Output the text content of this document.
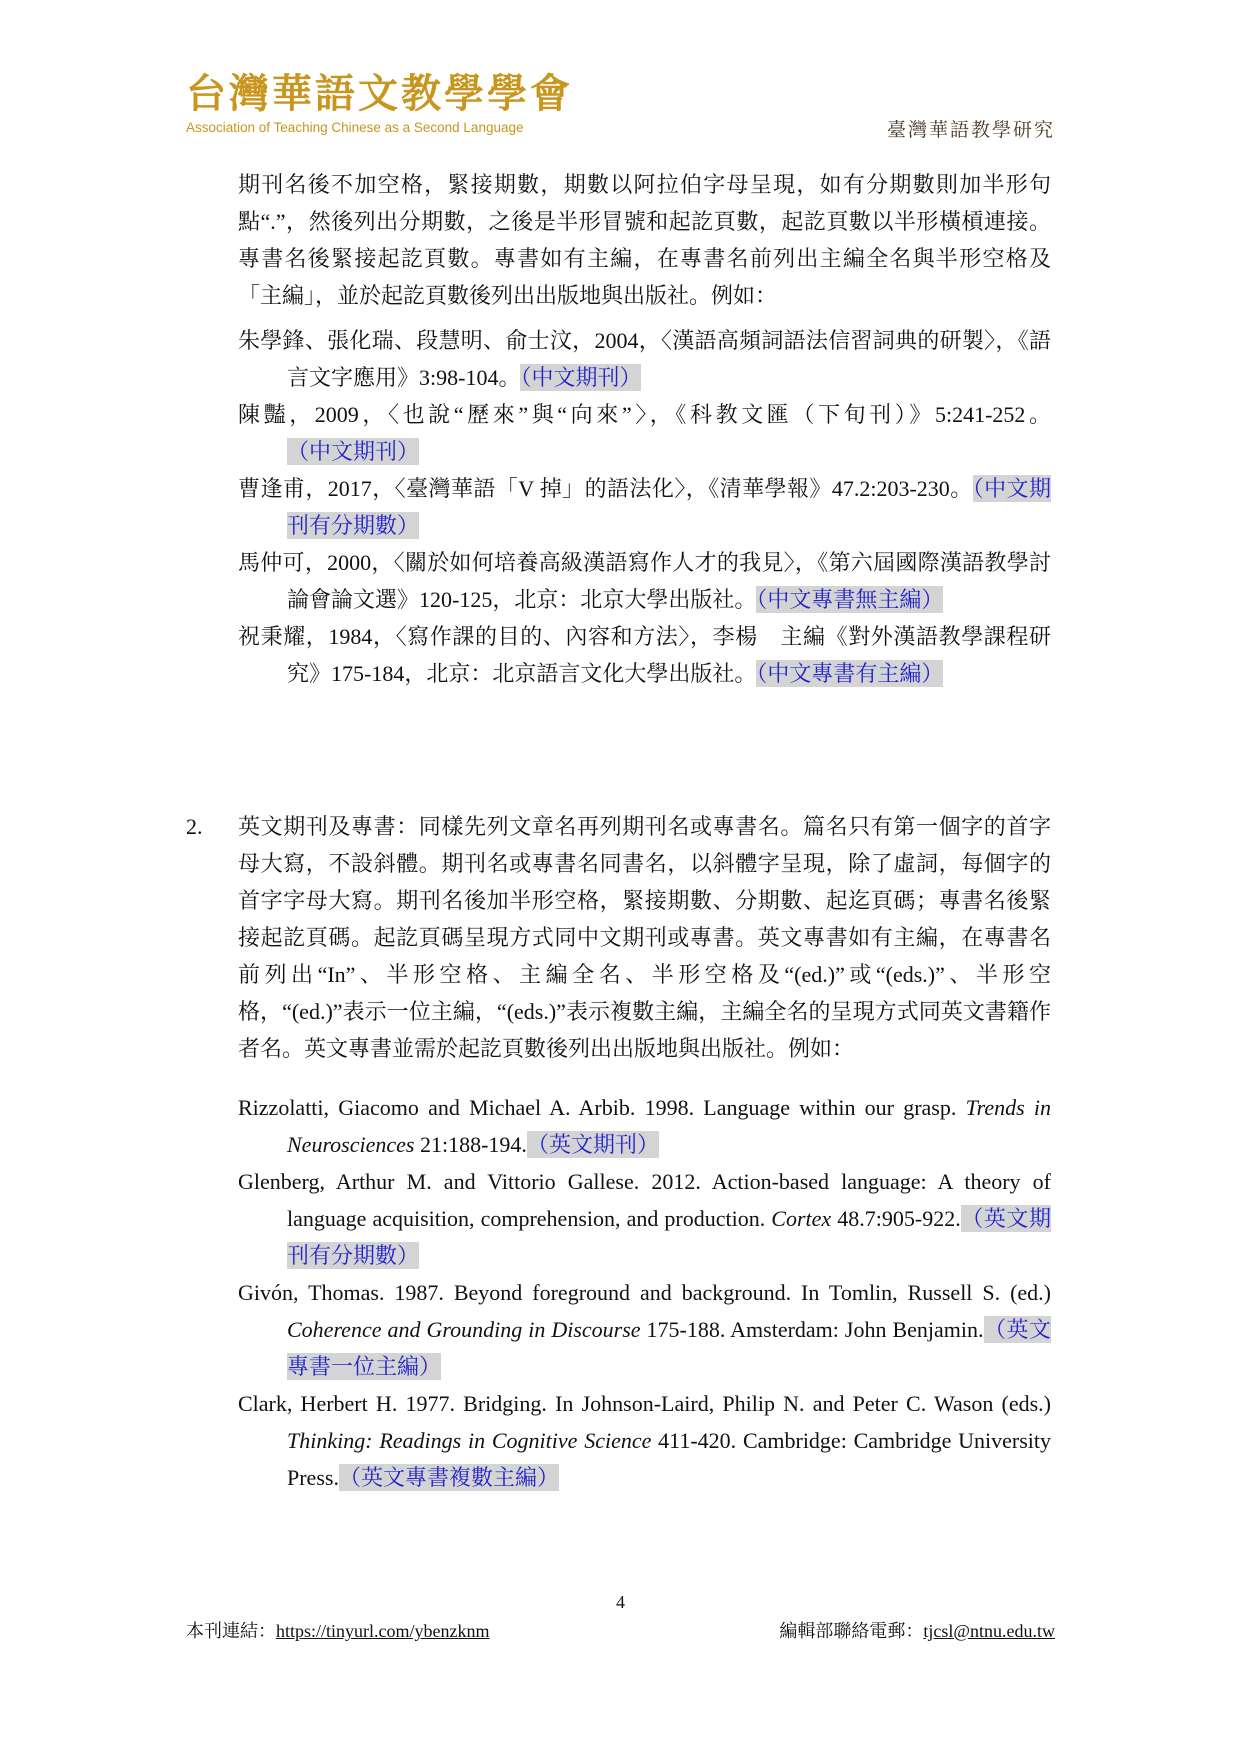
台灣華語文教學學會
Association of Teaching Chinese as a Second Language	臺灣華語教學研究

期刊名後不加空格，緊接期數，期數以阿拉伯字母呈現，如有分期數則加半形句點“.”，然後列出分期數，之後是半形冒號和起訖頁數，起訖頁數以半形橫槓連接。專書名後緊接起訖頁數。專書如有主編，在專書名前列出主編全名與半形空格及「主編」，並於起訖頁數後列出出版地與出版社。例如：

朱學鋒、張化瑞、段慧明、俞士汶，2004，〈漢語高頻詞語法信習詞典的研製〉，《語言文字應用》3:98-104。（中文期刊）

陳豔，2009，〈也說“歷來”與“向來”〉，《科教文匯（下旬刊）》5:241-252。（中文期刊）

曹逢甫，2017，〈臺灣華語「V 掉」的語法化〉，《清華學報》47.2:203-230。（中文期刊有分期數）

馬仲可，2000，〈關於如何培養高級漢語寫作人才的我見〉，《第六屆國際漢語教學討論會論文選》120-125，北京：北京大學出版社。（中文專書無主編）

祝秉耀，1984，〈寫作課的目的、內容和方法〉，李楊　主編《對外漢語教學課程研究》175-184，北京：北京語言文化大學出版社。（中文專書有主編）

2. 英文期刊及專書：同樣先列文章名再列期刊名或專書名。篇名只有第一個字的首字母大寫，不設斜體。期刊名或專書名同書名，以斜體字呈現，除了虛詞，每個字的首字字母大寫。期刊名後加半形空格，緊接期數、分期數、起迄頁碼；專書名後緊接起訖頁碼。起訖頁碼呈現方式同中文期刊或專書。英文專書如有主編，在專書名前列出“In”、半形空格、主編全名、半形空格及“(ed.)”或“(eds.)”、半形空格，“(ed.)”表示一位主編，“(eds.)”表示複數主編，主編全名的呈現方式同英文書籍作者名。英文專書並需於起訖頁數後列出出版地與出版社。例如：

Rizzolatti, Giacomo and Michael A. Arbib. 1998. Language within our grasp. Trends in Neurosciences 21:188-194.（英文期刊）

Glenberg, Arthur M. and Vittorio Gallese. 2012. Action-based language: A theory of language acquisition, comprehension, and production. Cortex 48.7:905-922.（英文期刊有分期數）

Givón, Thomas. 1987. Beyond foreground and background. In Tomlin, Russell S. (ed.) Coherence and Grounding in Discourse 175-188. Amsterdam: John Benjamin.（英文專書一位主編）

Clark, Herbert H. 1977. Bridging. In Johnson-Laird, Philip N. and Peter C. Wason (eds.) Thinking: Readings in Cognitive Science 411-420. Cambridge: Cambridge University Press.（英文專書複數主編）

4
本刊連結：https://tinyurl.com/ybenzknm	編輯部聯絡電郵：tjcsl@ntnu.edu.tw
